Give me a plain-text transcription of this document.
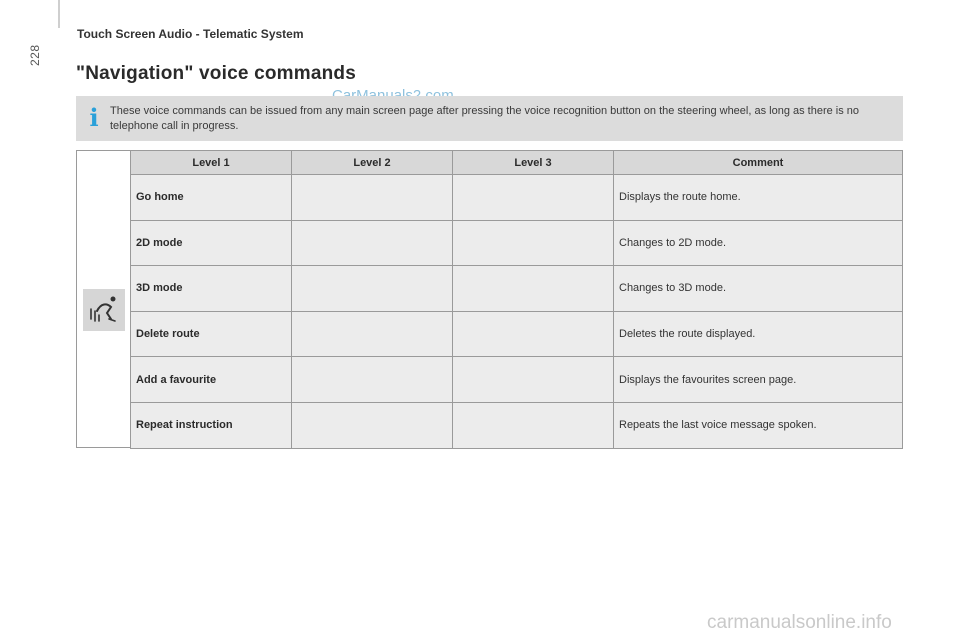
228
Touch Screen Audio - Telematic System
"Navigation" voice commands
i	These voice commands can be issued from any main screen page after pressing the voice recognition button on the steering wheel, as long as there is no telephone call in progress.
Level 1	Level 2	Level 3	Comment
Go home			Displays the route home.
2D mode			Changes to 2D mode.
3D mode			Changes to 3D mode.
Delete route			Deletes the route displayed.
Add a favourite			Displays the favourites screen page.
Repeat instruction			Repeats the last voice message spoken.
carmanualsonline.info
